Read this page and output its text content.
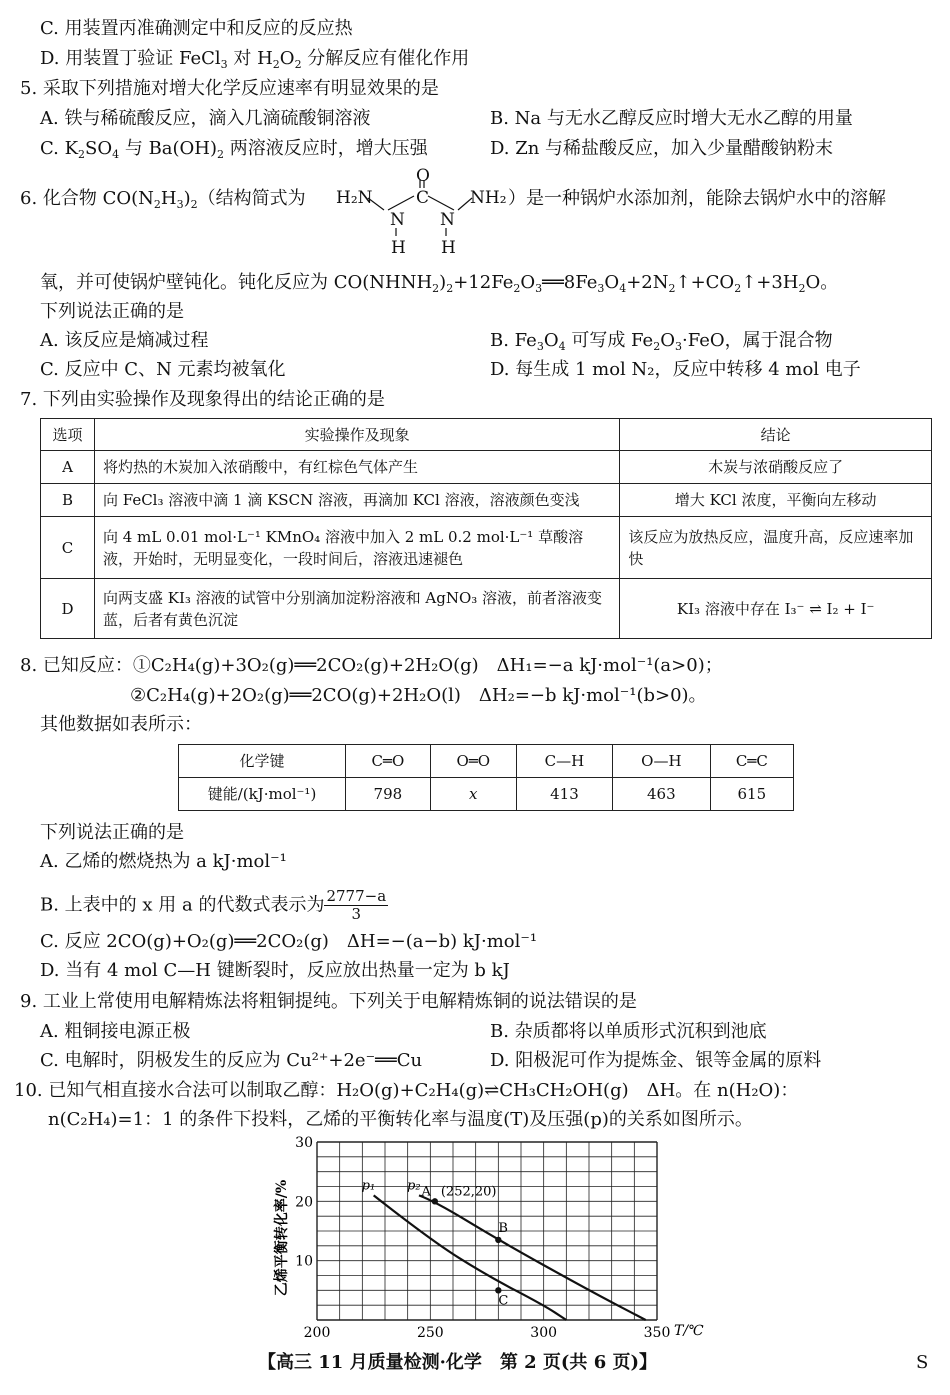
C. 用装置丙准确测定中和反应的反应热
D. 用装置丁验证 FeCl$_3$ 对 $H_2O_2$ 分解反应有催化作用
5. 采取下列措施对增大化学反应速率有明显效果的是
A. 铁与稀硫酸反应，滴入几滴硫酸铜溶液	B. Na 与无水乙醇反应时增大无水乙醇的用量
C. $K_2SO_4$ 与 $Ba(OH)_2$ 两溶液反应时，增大压强	D. Zn 与稀盐酸反应，加入少量醋酸钠粉末
6. 化合物 $CO(N_2H_3)_2$（结构简式为
O
H₂N	C NH₂
N N
H H
）是一种锅炉水添加剂，能除去锅炉水中的溶解
氧，并可使锅炉壁钝化。钝化反应为 $CO(NHNH_2)_2+12Fe_2O_3══8Fe_3O_4+2N_2↑+CO_2↑+3H_2O$。
下列说法正确的是
A. 该反应是熵减过程	B. $Fe_3O_4$ 可写成 $Fe_2O_3\cdot FeO$，属于混合物
C. 反应中 C、N 元素均被氧化	D. 每生成 1 mol N₂，反应中转移 4 mol 电子
7. 下列由实验操作及现象得出的结论正确的是
选项	实验操作及现象	结论
A	将灼热的木炭加入浓硝酸中，有红棕色气体产生	木炭与浓硝酸反应了
B	向 FeCl₃ 溶液中滴 1 滴 KSCN 溶液，再滴加 KCl 溶液，溶液颜色变浅	增大 KCl 浓度，平衡向左移动
C	向 4 mL 0.01 mol·L⁻¹ KMnO₄ 溶液中加入 2 mL 0.2 mol·L⁻¹ 草酸溶液，开始时，无明显变化，一段时间后，溶液迅速褪色	该反应为放热反应，温度升高，反应速率加快
D	向两支盛 KI₃ 溶液的试管中分别滴加淀粉溶液和 AgNO₃ 溶液，前者溶液变蓝，后者有黄色沉淀	KI₃ 溶液中存在 I₃⁻ ⇌ I₂ + I⁻
8. 已知反应：①C₂H₄(g)+3O₂(g)══2CO₂(g)+2H₂O(g)　ΔH₁=−a kJ·mol⁻¹(a>0)；
②C₂H₄(g)+2O₂(g)══2CO(g)+2H₂O(l)　ΔH₂=−b kJ·mol⁻¹(b>0)。
其他数据如表所示：
化学键	C═O	O═O	C—H	O—H	C═C
键能/(kJ·mol⁻¹)	798	x	413	463	615
下列说法正确的是
A. 乙烯的燃烧热为 a kJ·mol⁻¹
B. 上表中的 x 用 a 的代数式表示为 $\frac{2777-a}{3}$
C. 反应 2CO(g)+O₂(g)══2CO₂(g)　ΔH=−(a−b) kJ·mol⁻¹
D. 当有 4 mol C—H 键断裂时，反应放出热量一定为 b kJ
9. 工业上常使用电解精炼法将粗铜提纯。下列关于电解精炼铜的说法错误的是
A. 粗铜接电源正极	B. 杂质都将以单质形式沉积到池底
C. 电解时，阴极发生的反应为 Cu²⁺+2e⁻══Cu	D. 阳极泥可作为提炼金、银等金属的原料
10. 已知气相直接水合法可以制取乙醇：H₂O(g)+C₂H₄(g)⇌CH₃CH₂OH(g)　ΔH。在 n(H₂O)：
n(C₂H₄)=1：1 的条件下投料，乙烯的平衡转化率与温度(T)及压强(p)的关系如图所示。
200	250	300	350
10
20
30
p₁ p₂ A (252,20)
B
C
乙烯平衡转化率/%
T/℃
【高三 11 月质量检测·化学　第 2 页(共 6 页)】	S
